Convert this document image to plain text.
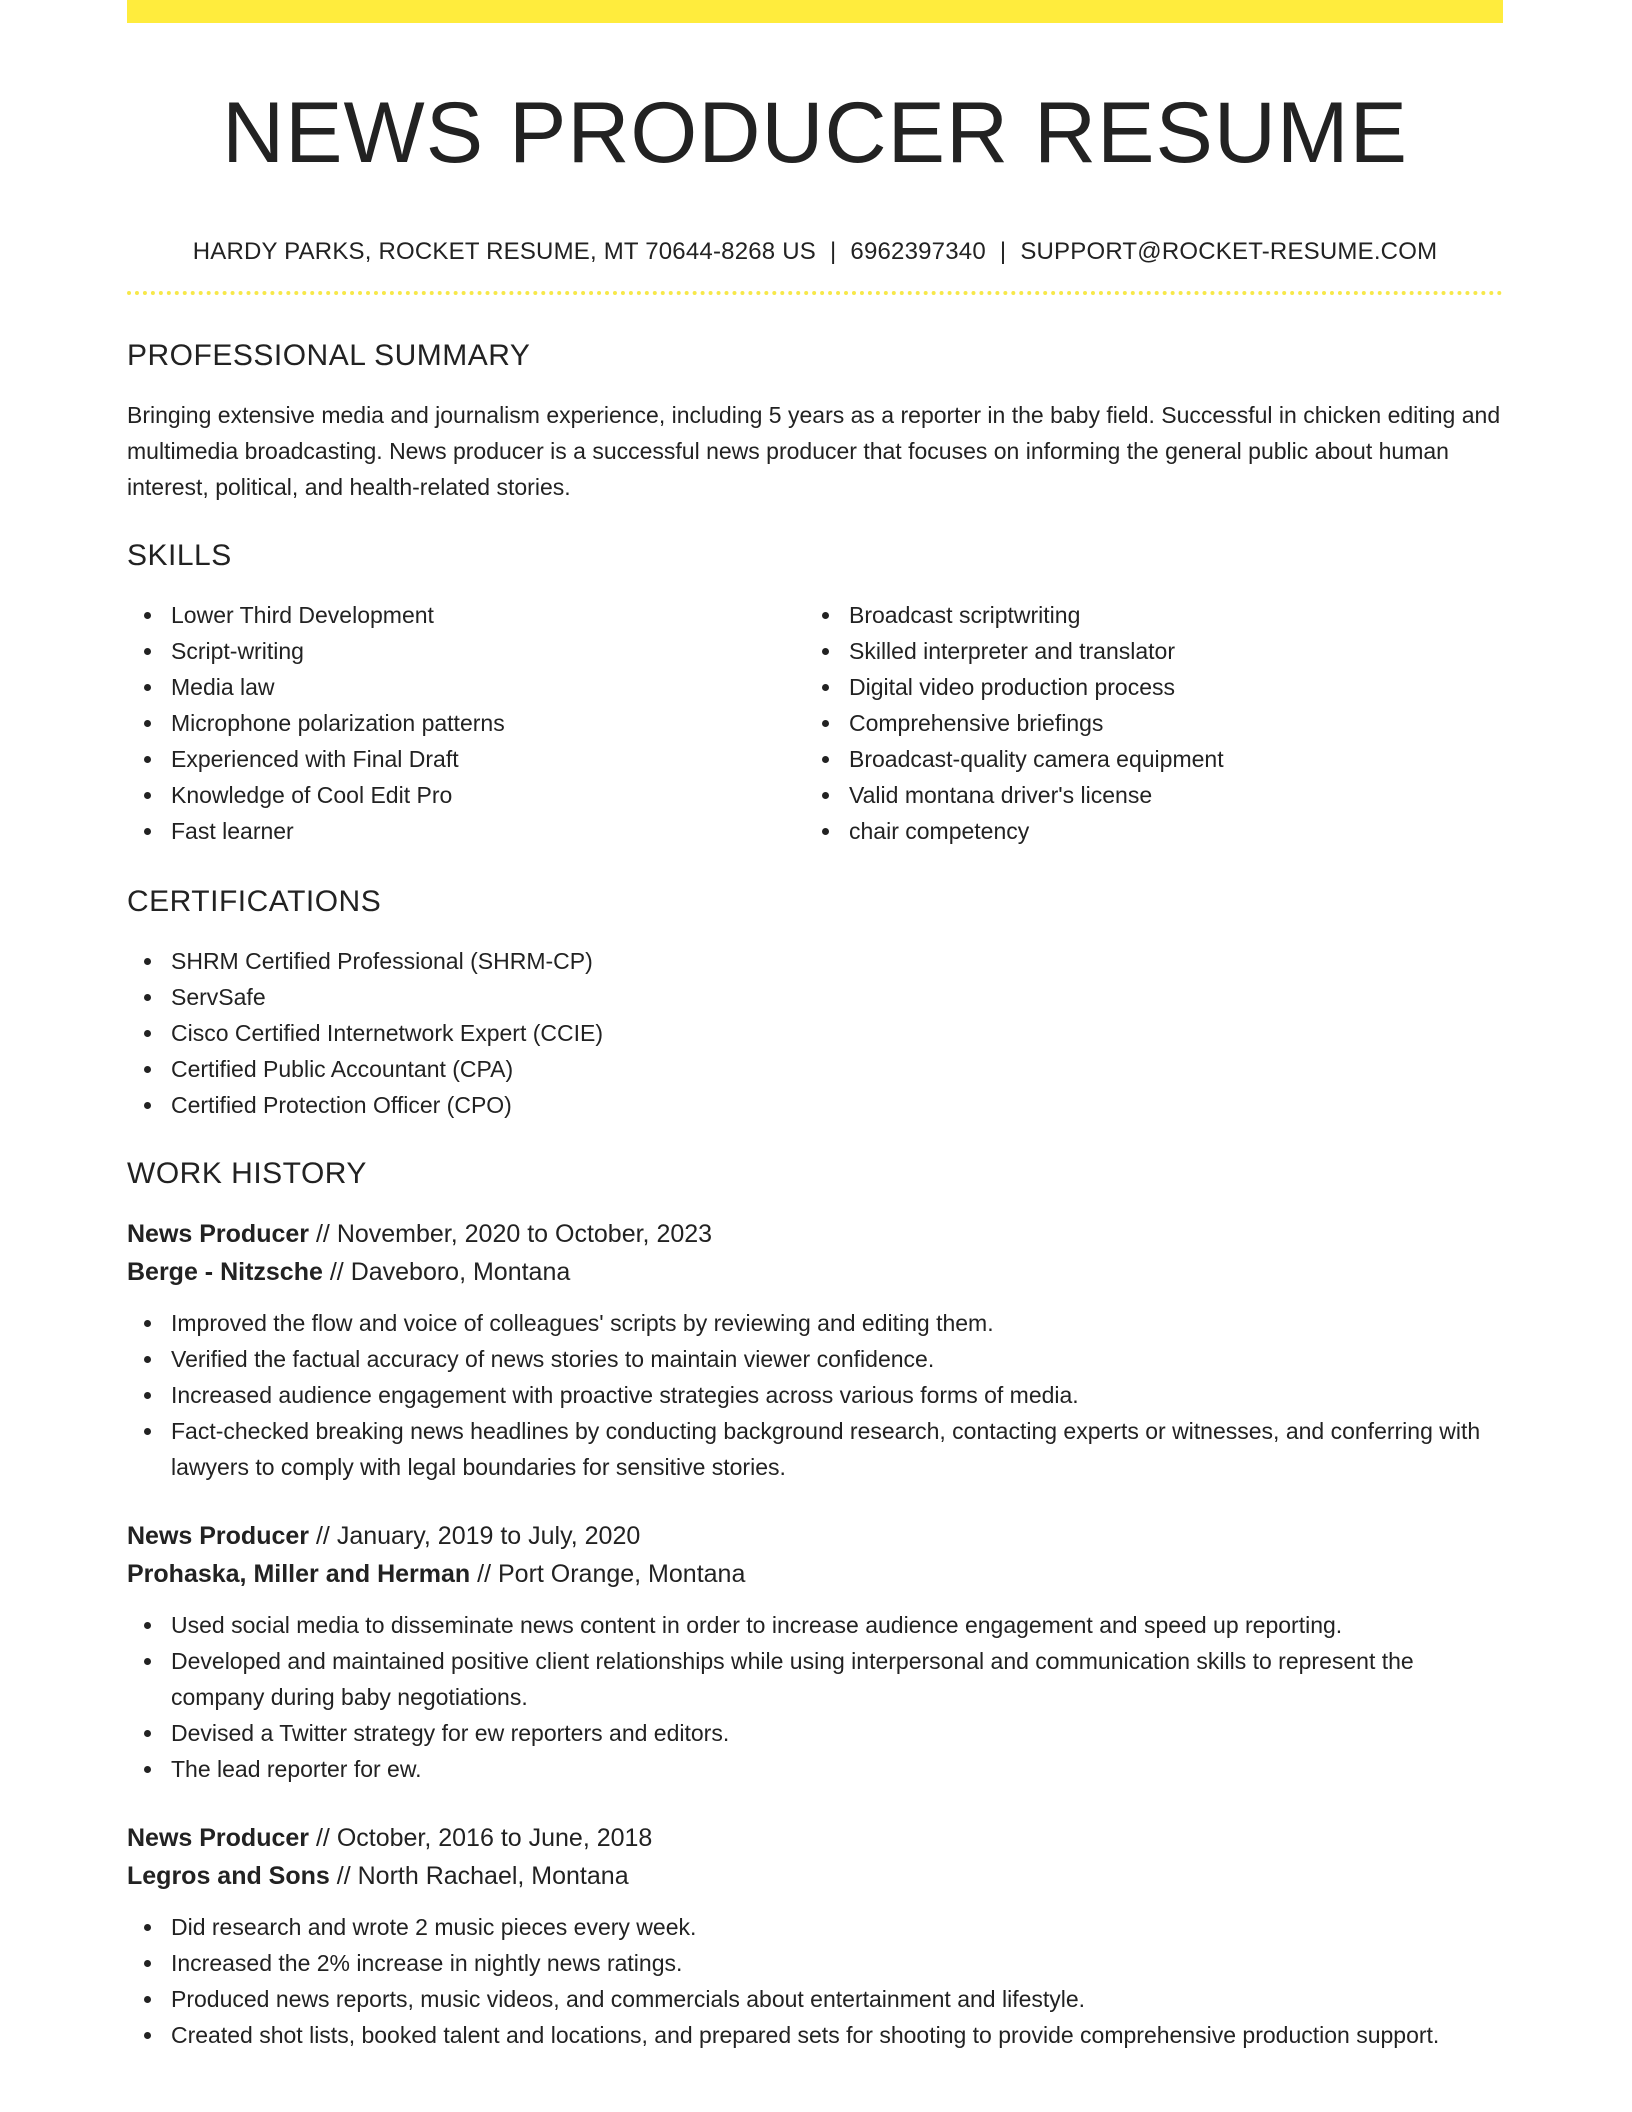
NEWS PRODUCER RESUME
HARDY PARKS, ROCKET RESUME, MT 70644-8268 US | 6962397340 | SUPPORT@ROCKET-RESUME.COM
PROFESSIONAL SUMMARY

Bringing extensive media and journalism experience, including 5 years as a reporter in the baby field. Successful in chicken editing and multimedia broadcasting. News producer is a successful news producer that focuses on informing the general public about human interest, political, and health-related stories.

SKILLS
Lower Third Development
Script-writing
Media law
Microphone polarization patterns
Experienced with Final Draft
Knowledge of Cool Edit Pro
Fast learner
Broadcast scriptwriting
Skilled interpreter and translator
Digital video production process
Comprehensive briefings
Broadcast-quality camera equipment
Valid montana driver's license
chair competency
CERTIFICATIONS
SHRM Certified Professional (SHRM-CP)
ServSafe
Cisco Certified Internetwork Expert (CCIE)
Certified Public Accountant (CPA)
Certified Protection Officer (CPO)
WORK HISTORY
News Producer // November, 2020 to October, 2023
Berge - Nitzsche // Daveboro, Montana
Improved the flow and voice of colleagues' scripts by reviewing and editing them.
Verified the factual accuracy of news stories to maintain viewer confidence.
Increased audience engagement with proactive strategies across various forms of media.
Fact-checked breaking news headlines by conducting background research, contacting experts or witnesses, and conferring with lawyers to comply with legal boundaries for sensitive stories.
News Producer // January, 2019 to July, 2020
Prohaska, Miller and Herman // Port Orange, Montana
Used social media to disseminate news content in order to increase audience engagement and speed up reporting.
Developed and maintained positive client relationships while using interpersonal and communication skills to represent the company during baby negotiations.
Devised a Twitter strategy for ew reporters and editors.
The lead reporter for ew.
News Producer // October, 2016 to June, 2018
Legros and Sons // North Rachael, Montana
Did research and wrote 2 music pieces every week.
Increased the 2% increase in nightly news ratings.
Produced news reports, music videos, and commercials about entertainment and lifestyle.
Created shot lists, booked talent and locations, and prepared sets for shooting to provide comprehensive production support.
